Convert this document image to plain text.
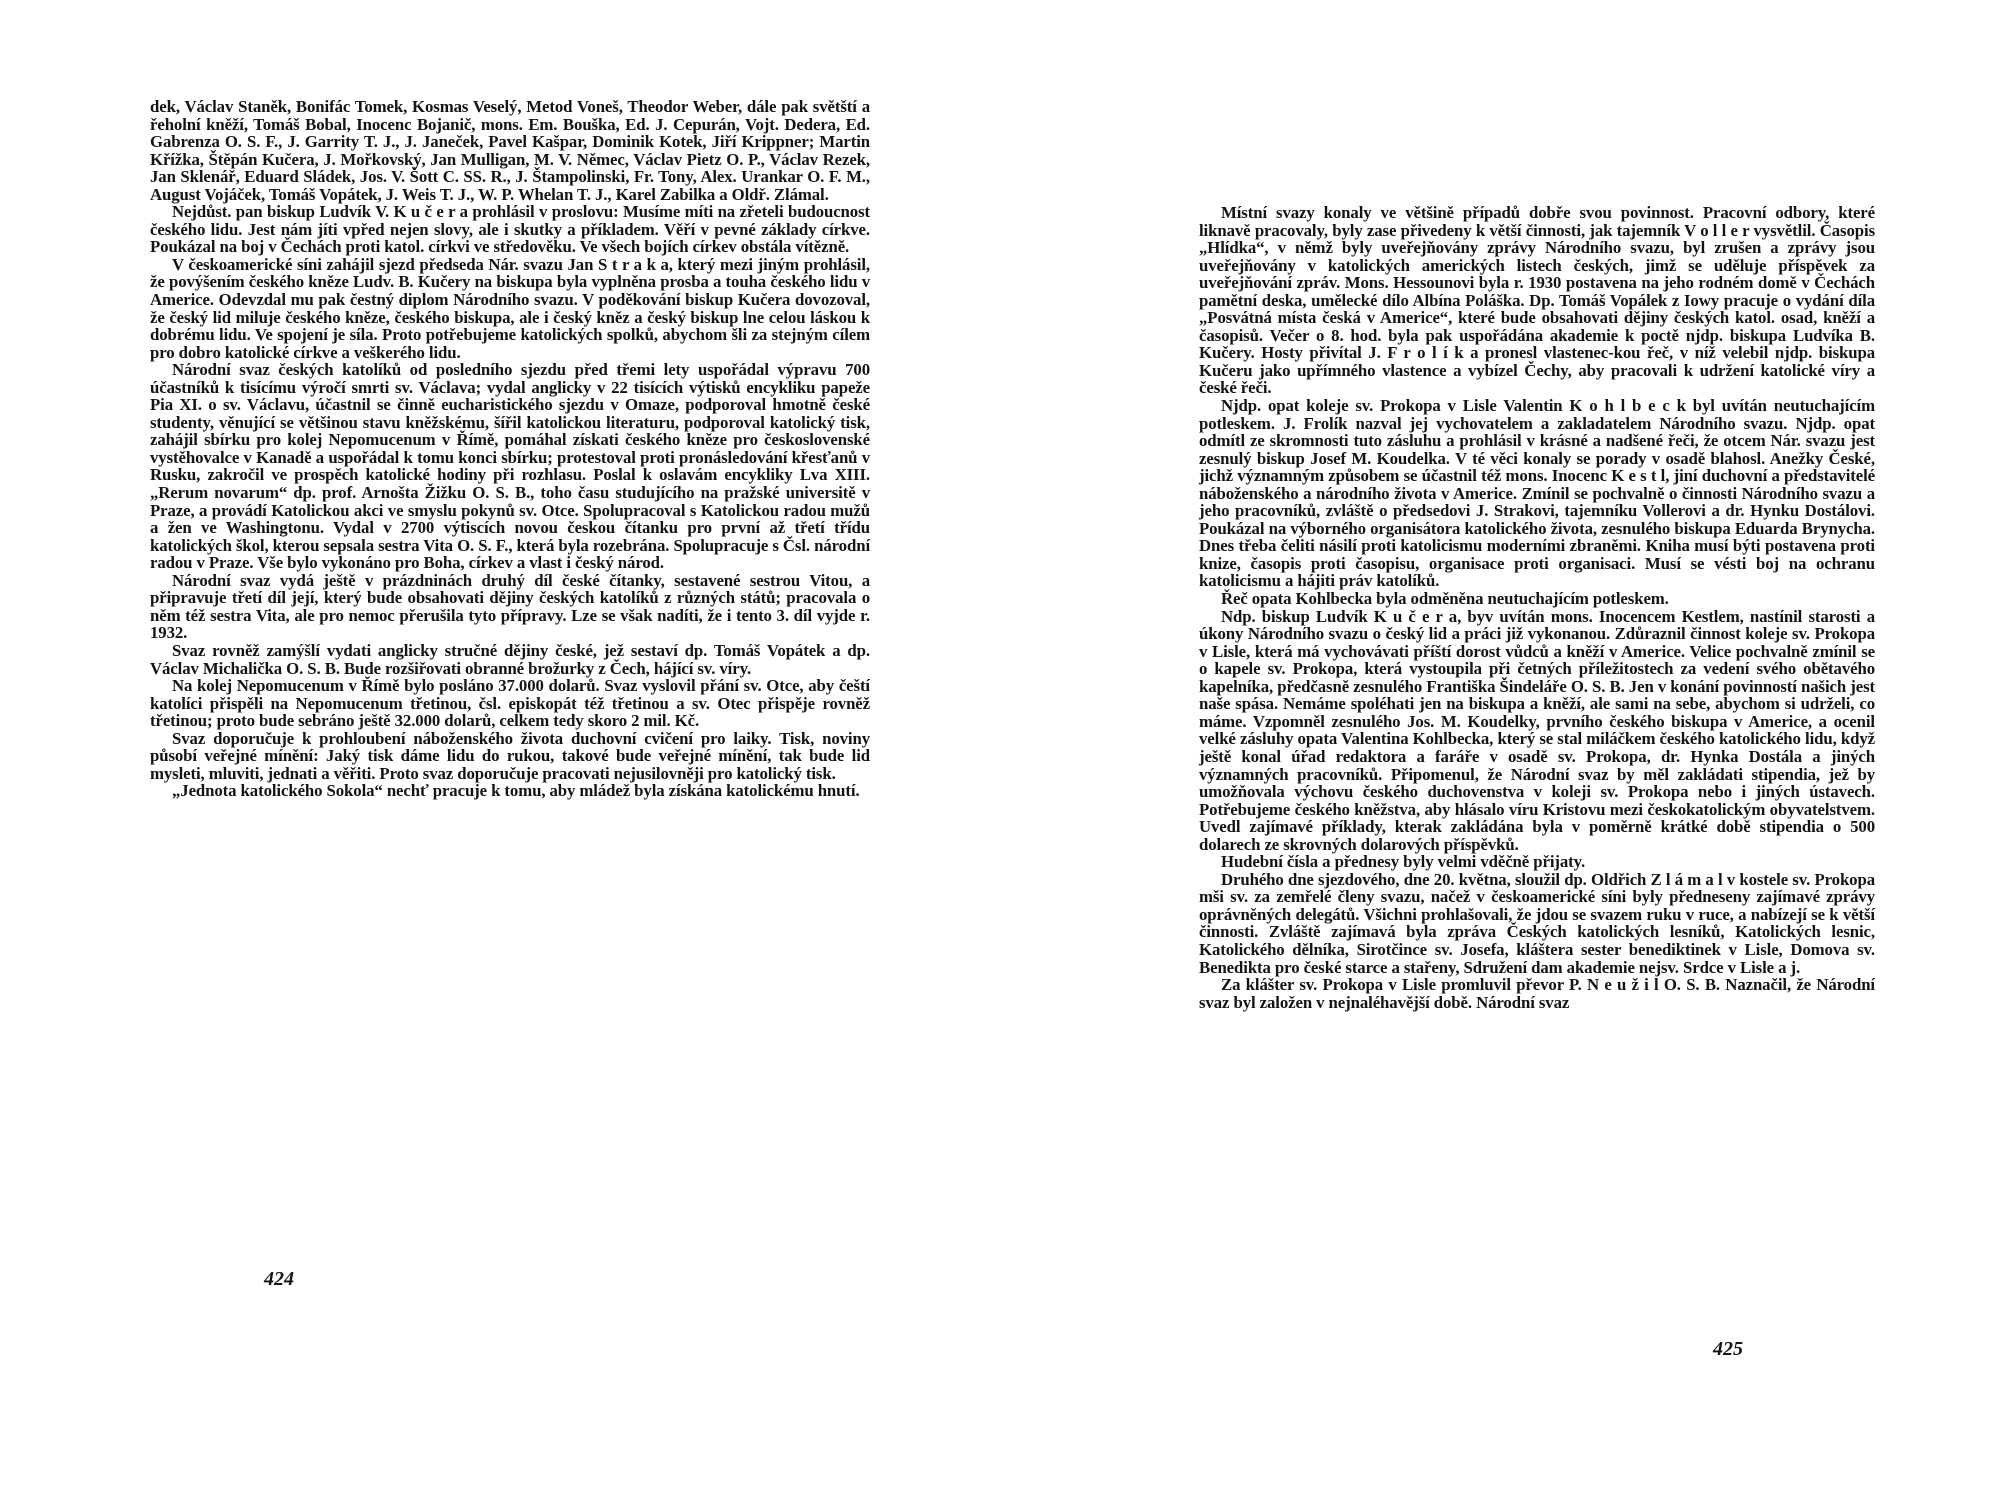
dek, Václav Staněk, Bonifác Tomek, Kosmas Veselý, Metod Voneš, Theodor Weber, dále pak světští a řeholní kněží, Tomáš Bobal, Inocenc Bojanič, mons. Em. Bouška, Ed. J. Cepurán, Vojt. Dedera, Ed. Gabrenza O. S. F., J. Garrity T. J., J. Janeček, Pavel Kašpar, Dominik Kotek, Jiří Krippner; Martin Křížka, Štěpán Kučera, J. Mořkovský, Jan Mulligan, M. V. Němec, Václav Pietz O. P., Václav Rezek, Jan Sklenář, Eduard Sládek, Jos. V. Šott C. SS. R., J. Štampolinski, Fr. Tony, Alex. Urankar O. F. M., August Vojáček, Tomáš Vopátek, J. Weis T. J., W. P. Whelan T. J., Karel Zabilka a Oldř. Zlámal.

Nejdůst. pan biskup Ludvík V. K u č e r a prohlásil v proslovu: Musíme míti na zřeteli budoucnost českého lidu. Jest nám jíti vpřed nejen slovy, ale i skutky a příkladem. Věří v pevné základy církve. Poukázal na boj v Čechách proti katol. církvi ve středověku. Ve všech bojích církev obstála vítězně.

V českoamerické síni zahájil sjezd předseda Nár. svazu Jan S t r a k a, který mezi jiným prohlásil, že povýšením českého kněze Ludv. B. Kučery na biskupa byla vyplněna prosba a touha českého lidu v Americe. Odevzdal mu pak čestný diplom Národního svazu. V poděkování biskup Kučera dovozoval, že český lid miluje českého kněze, českého biskupa, ale i český kněz a český biskup lne celou láskou k dobrému lidu. Ve spojení je síla. Proto potřebujeme katolických spolků, abychom šli za stejným cílem pro dobro katolické církve a veškerého lidu.

Národní svaz českých katolíků od posledního sjezdu před třemi lety uspořádal výpravu 700 účastníků k tisícímu výročí smrti sv. Václava; vydal anglicky v 22 tisících výtisků encykliku papeže Pia XI. o sv. Václavu, účastnil se činně eucharistického sjezdu v Omaze, podporoval hmotně české studenty, věnující se většinou stavu kněžskému, šířil katolickou literaturu, podporoval katolický tisk, zahájil sbírku pro kolej Nepomucenum v Římě, pomáhal získati českého kněze pro československé vystěhovalce v Kanadě a uspořádal k tomu konci sbírku; protestoval proti pronásledování křesťanů v Rusku, zakročil ve prospěch katolické hodiny při rozhlasu. Poslal k oslavám encykliky Lva XIII. „Rerum novarum“ dp. prof. Arnošta Žižku O. S. B., toho času studujícího na pražské universitě v Praze, a provádí Katolickou akci ve smyslu pokynů sv. Otce. Spolupracoval s Katolickou radou mužů a žen ve Washingtonu. Vydal v 2700 výtiscích novou českou čítanku pro první až třetí třídu katolických škol, kterou sepsala sestra Vita O. S. F., která byla rozebrána. Spolupracuje s Čsl. národní radou v Praze. Vše bylo vykonáno pro Boha, církev a vlast i český národ.

Národní svaz vydá ještě v prázdninách druhý díl české čítanky, sestavené sestrou Vitou, a připravuje třetí díl její, který bude obsahovati dějiny českých katolíků z různých států; pracovala o něm též sestra Vita, ale pro nemoc přerušila tyto přípravy. Lze se však nadíti, že i tento 3. díl vyjde r. 1932.

Svaz rovněž zamýšlí vydati anglicky stručné dějiny české, jež sestaví dp. Tomáš Vopátek a dp. Václav Michalička O. S. B. Bude rozšiřovati obranné brožurky z Čech, hájící sv. víry.

Na kolej Nepomucenum v Římě bylo posláno 37.000 dolarů. Svaz vyslovil přání sv. Otce, aby čeští katolíci přispěli na Nepomucenum třetinou, čsl. episkopát též třetinou a sv. Otec přispěje rovněž třetinou; proto bude sebráno ještě 32.000 dolarů, celkem tedy skoro 2 mil. Kč.

Svaz doporučuje k prohloubení náboženského života duchovní cvičení pro laiky. Tisk, noviny působí veřejné mínění: Jaký tisk dáme lidu do rukou, takové bude veřejné mínění, tak bude lid mysleti, mluviti, jednati a věřiti. Proto svaz doporučuje pracovati nejusilovněji pro katolický tisk.

„Jednota katolického Sokola“ nechť pracuje k tomu, aby mládež byla získána katolickému hnutí.

424

Místní svazy konaly ve většině případů dobře svou povinnost. Pracovní odbory, které liknavě pracovaly, byly zase přivedeny k větší činnosti, jak tajemník V o l l e r vysvětlil. Časopis „Hlídka“, v němž byly uveřejňovány zprávy Národního svazu, byl zrušen a zprávy jsou uveřejňovány v katolických amerických listech českých, jimž se uděluje příspěvek za uveřejňování zpráv. Mons. Hessounovi byla r. 1930 postavena na jeho rodném domě v Čechách pamětní deska, umělecké dílo Albína Poláška. Dp. Tomáš Vopálek z Iowy pracuje o vydání díla „Posvátná místa česká v Americe“, které bude obsahovati dějiny českých katol. osad, kněží a časopisů. Večer o 8. hod. byla pak uspořádána akademie k poctě njdp. biskupa Ludvíka B. Kučery. Hosty přivítal J. F r o l í k a pronesl vlastenec-kou řeč, v níž velebil njdp. biskupa Kučeru jako upřímného vlastence a vybízel Čechy, aby pracovali k udržení katolické víry a české řeči.

Njdp. opat koleje sv. Prokopa v Lisle Valentin K o h l b e c k byl uvítán neutuchajícím potleskem. J. Frolík nazval jej vychovatelem a zakladatelem Národního svazu. Njdp. opat odmítl ze skromnosti tuto zásluhu a prohlásil v krásné a nadšené řeči, že otcem Nár. svazu jest zesnulý biskup Josef M. Koudelka. V té věci konaly se porady v osadě blahosl. Anežky České, jichž významným způsobem se účastnil též mons. Inocenc K e s t l, jiní duchovní a představitelé náboženského a národního života v Americe. Zmínil se pochvalně o činnosti Národního svazu a jeho pracovníků, zvláště o předsedovi J. Strakovi, tajemníku Vollerovi a dr. Hynku Dostálovi. Poukázal na výborného organisátora katolického života, zesnulého biskupa Eduarda Brynycha. Dnes třeba čeliti násilí proti katolicismu moderními zbraněmi. Kniha musí býti postavena proti knize, časopis proti časopisu, organisace proti organisaci. Musí se vésti boj na ochranu katolicismu a hájiti práv katolíků.

Řeč opata Kohlbecka byla odměněna neutuchajícím potleskem.

Ndp. biskup Ludvík K u č e r a, byv uvítán mons. Inocencem Kestlem, nastínil starosti a úkony Národního svazu o český lid a práci již vykonanou. Zdůraznil činnost koleje sv. Prokopa v Lisle, která má vychovávati příští dorost vůdců a kněží v Americe. Velice pochvalně zmínil se o kapele sv. Prokopa, která vystoupila při četných příležitostech za vedení svého obětavého kapelníka, předčasně zesnulého Františka Šindeláře O. S. B. Jen v konání povinností našich jest naše spása. Nemáme spoléhati jen na biskupa a kněží, ale sami na sebe, abychom si udrželi, co máme. Vzpomněl zesnulého Jos. M. Koudelky, prvního českého biskupa v Americe, a ocenil velké zásluhy opata Valentina Kohlbecka, který se stal miláčkem českého katolického lidu, když ještě konal úřad redaktora a faráře v osadě sv. Prokopa, dr. Hynka Dostála a jiných významných pracovníků. Připomenul, že Národní svaz by měl zakládati stipendia, jež by umožňovala výchovu českého duchovenstva v koleji sv. Prokopa nebo i jiných ústavech. Potřebujeme českého kněžstva, aby hlásalo víru Kristovu mezi českokatolickým obyvatelstvem. Uvedl zajímavé příklady, kterak zakládána byla v poměrně krátké době stipendia o 500 dolarech ze skrovných dolarových příspěvků.

Hudební čísla a přednesy byly velmi vděčně přijaty.

Druhého dne sjezdového, dne 20. května, sloužil dp. Oldřich Z l á m a l v kostele sv. Prokopa mši sv. za zemřelé členy svazu, načež v českoamerické síni byly předneseny zajímavé zprávy oprávněných delegátů. Všichni prohlašovali, že jdou se svazem ruku v ruce, a nabízejí se k větší činnosti. Zvláště zajímavá byla zpráva Českých katolických lesníků, Katolických lesnic, Katolického dělníka, Sirotčince sv. Josefa, kláštera sester benediktinek v Lisle, Domova sv. Benedikta pro české starce a stařeny, Sdružení dam akademie nejsv. Srdce v Lisle a j.

Za klášter sv. Prokopa v Lisle promluvil převor P. N e u ž i l O. S. B. Naznačil, že Národní svaz byl založen v nejnaléhavější době. Národní svaz

425
